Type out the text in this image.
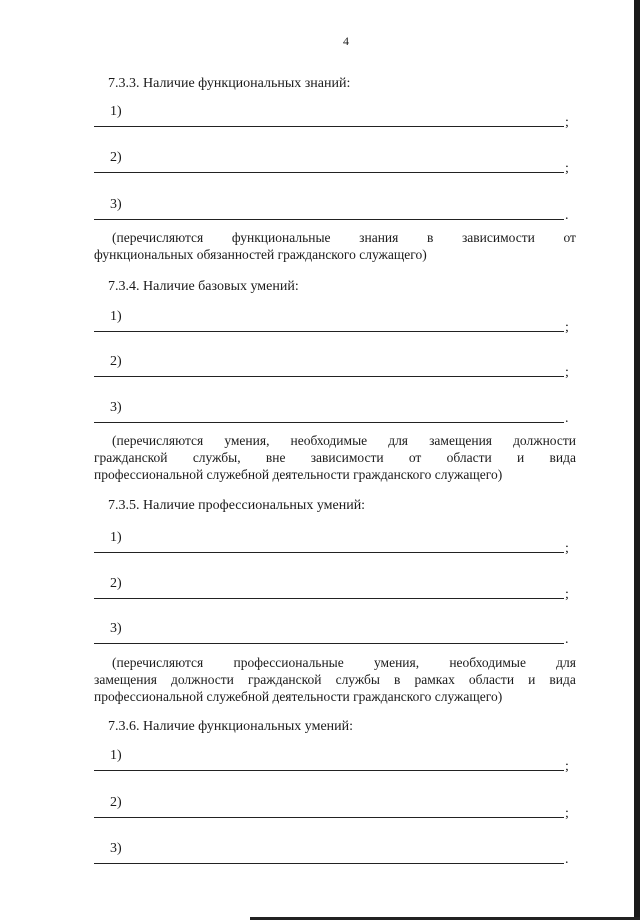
4
7.3.3. Наличие функциональных знаний:
1)
;
2)
;
3)
.
(перечисляются функциональные знания в зависимости от
функциональных обязанностей гражданского служащего)
7.3.4. Наличие базовых умений:
1)
;
2)
;
3)
.
(перечисляются умения, необходимые для замещения должности
гражданской службы, вне зависимости от области и вида
профессиональной служебной деятельности гражданского служащего)
7.3.5. Наличие профессиональных умений:
1)
;
2)
;
3)
.
(перечисляются профессиональные умения, необходимые для
замещения должности гражданской службы в рамках области и вида
профессиональной служебной деятельности гражданского служащего)
7.3.6. Наличие функциональных умений:
1)
;
2)
;
3)
.
